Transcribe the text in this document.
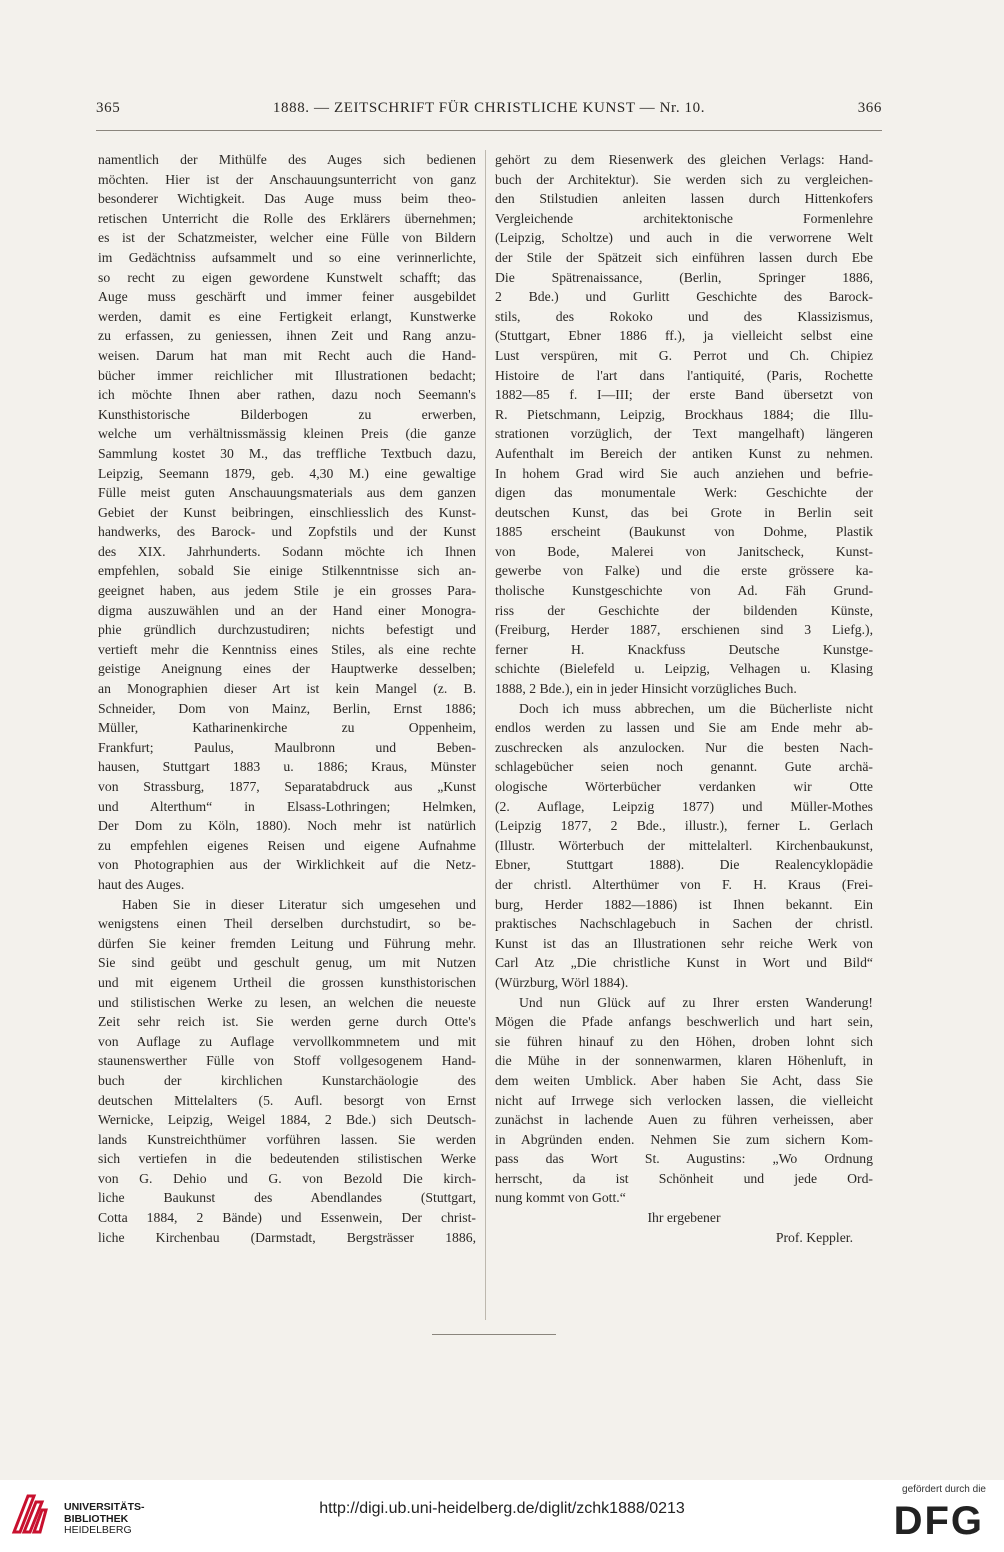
365	1888. — ZEITSCHRIFT FÜR CHRISTLICHE KUNST — Nr. 10.	366
namentlich der Mithülfe des Auges sich bedienen
möchten. Hier ist der Anschauungsunterricht von ganz
besonderer Wichtigkeit. Das Auge muss beim theo-
retischen Unterricht die Rolle des Erklärers übernehmen;
es ist der Schatzmeister, welcher eine Fülle von Bildern
im Gedächtniss aufsammelt und so eine verinnerlichte,
so recht zu eigen gewordene Kunstwelt schafft; das
Auge muss geschärft und immer feiner ausgebildet
werden, damit es eine Fertigkeit erlangt, Kunstwerke
zu erfassen, zu geniessen, ihnen Zeit und Rang anzu-
weisen. Darum hat man mit Recht auch die Hand-
bücher immer reichlicher mit Illustrationen bedacht;
ich möchte Ihnen aber rathen, dazu noch Seemann's
Kunsthistorische Bilderbogen zu erwerben,
welche um verhältnissmässig kleinen Preis (die ganze
Sammlung kostet 30 M., das treffliche Textbuch dazu,
Leipzig, Seemann 1879, geb. 4,30 M.) eine gewaltige
Fülle meist guten Anschauungsmaterials aus dem ganzen
Gebiet der Kunst beibringen, einschliesslich des Kunst-
handwerks, des Barock- und Zopfstils und der Kunst
des XIX. Jahrhunderts. Sodann möchte ich Ihnen
empfehlen, sobald Sie einige Stilkenntnisse sich an-
geeignet haben, aus jedem Stile je ein grosses Para-
digma auszuwählen und an der Hand einer Monogra-
phie gründlich durchzustudiren; nichts befestigt und
vertieft mehr die Kenntniss eines Stiles, als eine rechte
geistige Aneignung eines der Hauptwerke desselben;
an Monographien dieser Art ist kein Mangel (z. B.
Schneider, Dom von Mainz, Berlin, Ernst 1886;
Müller, Katharinenkirche zu Oppenheim,
Frankfurt; Paulus, Maulbronn und Beben-
hausen, Stuttgart 1883 u. 1886; Kraus, Münster
von Strassburg, 1877, Separatabdruck aus „Kunst
und Alterthum“ in Elsass-Lothringen; Helmken,
Der Dom zu Köln, 1880). Noch mehr ist natürlich
zu empfehlen eigenes Reisen und eigene Aufnahme
von Photographien aus der Wirklichkeit auf die Netz-
haut des Auges.
Haben Sie in dieser Literatur sich umgesehen und
wenigstens einen Theil derselben durchstudirt, so be-
dürfen Sie keiner fremden Leitung und Führung mehr.
Sie sind geübt und geschult genug, um mit Nutzen
und mit eigenem Urtheil die grossen kunsthistorischen
und stilistischen Werke zu lesen, an welchen die neueste
Zeit sehr reich ist. Sie werden gerne durch Otte's
von Auflage zu Auflage vervollkommnetem und mit
staunenswerther Fülle von Stoff vollgesogenem Hand-
buch der kirchlichen Kunstarchäologie des
deutschen Mittelalters (5. Aufl. besorgt von Ernst
Wernicke, Leipzig, Weigel 1884, 2 Bde.) sich Deutsch-
lands Kunstreichthümer vorführen lassen. Sie werden
sich vertiefen in die bedeutenden stilistischen Werke
von G. Dehio und G. von Bezold Die kirch-
liche Baukunst des Abendlandes (Stuttgart,
Cotta 1884, 2 Bände) und Essenwein, Der christ-
liche Kirchenbau (Darmstadt, Bergsträsser 1886,
gehört zu dem Riesenwerk des gleichen Verlags: Hand-
buch der Architektur). Sie werden sich zu vergleichen-
den Stilstudien anleiten lassen durch Hittenkofers
Vergleichende architektonische Formenlehre
(Leipzig, Scholtze) und auch in die verworrene Welt
der Stile der Spätzeit sich einführen lassen durch Ebe
Die Spätrenaissance, (Berlin, Springer 1886,
2 Bde.) und Gurlitt Geschichte des Barock-
stils, des Rokoko und des Klassizismus,
(Stuttgart, Ebner 1886 ff.), ja vielleicht selbst eine
Lust verspüren, mit G. Perrot und Ch. Chipiez
Histoire de l'art dans l'antiquité, (Paris, Rochette
1882—85 f. I—III; der erste Band übersetzt von
R. Pietschmann, Leipzig, Brockhaus 1884; die Illu-
strationen vorzüglich, der Text mangelhaft) längeren
Aufenthalt im Bereich der antiken Kunst zu nehmen.
In hohem Grad wird Sie auch anziehen und befrie-
digen das monumentale Werk: Geschichte der
deutschen Kunst, das bei Grote in Berlin seit
1885 erscheint (Baukunst von Dohme, Plastik
von Bode, Malerei von Janitscheck, Kunst-
gewerbe von Falke) und die erste grössere ka-
tholische Kunstgeschichte von Ad. Fäh Grund-
riss der Geschichte der bildenden Künste,
(Freiburg, Herder 1887, erschienen sind 3 Liefg.),
ferner H. Knackfuss Deutsche Kunstge-
schichte (Bielefeld u. Leipzig, Velhagen u. Klasing
1888, 2 Bde.), ein in jeder Hinsicht vorzügliches Buch.
Doch ich muss abbrechen, um die Bücherliste nicht
endlos werden zu lassen und Sie am Ende mehr ab-
zuschrecken als anzulocken. Nur die besten Nach-
schlagebücher seien noch genannt. Gute archä-
ologische Wörterbücher verdanken wir Otte
(2. Auflage, Leipzig 1877) und Müller-Mothes
(Leipzig 1877, 2 Bde., illustr.), ferner L. Gerlach
(Illustr. Wörterbuch der mittelalterl. Kirchenbaukunst,
Ebner, Stuttgart 1888). Die Realencyklopädie
der christl. Alterthümer von F. H. Kraus (Frei-
burg, Herder 1882—1886) ist Ihnen bekannt. Ein
praktisches Nachschlagebuch in Sachen der christl.
Kunst ist das an Illustrationen sehr reiche Werk von
Carl Atz „Die christliche Kunst in Wort und Bild“
(Würzburg, Wörl 1884).
Und nun Glück auf zu Ihrer ersten Wanderung!
Mögen die Pfade anfangs beschwerlich und hart sein,
sie führen hinauf zu den Höhen, droben lohnt sich
die Mühe in der sonnenwarmen, klaren Höhenluft, in
dem weiten Umblick. Aber haben Sie Acht, dass Sie
nicht auf Irrwege sich verlocken lassen, die vielleicht
zunächst in lachende Auen zu führen verheissen, aber
in Abgründen enden. Nehmen Sie zum sichern Kom-
pass das Wort St. Augustins: „Wo Ordnung
herrscht, da ist Schönheit und jede Ord-
nung kommt von Gott.“
Ihr ergebener
Prof. Keppler.
UNIVERSITÄTS-
BIBLIOTHEK
HEIDELBERG
http://digi.ub.uni-heidelberg.de/diglit/zchk1888/0213
gefördert durch die
DFG
